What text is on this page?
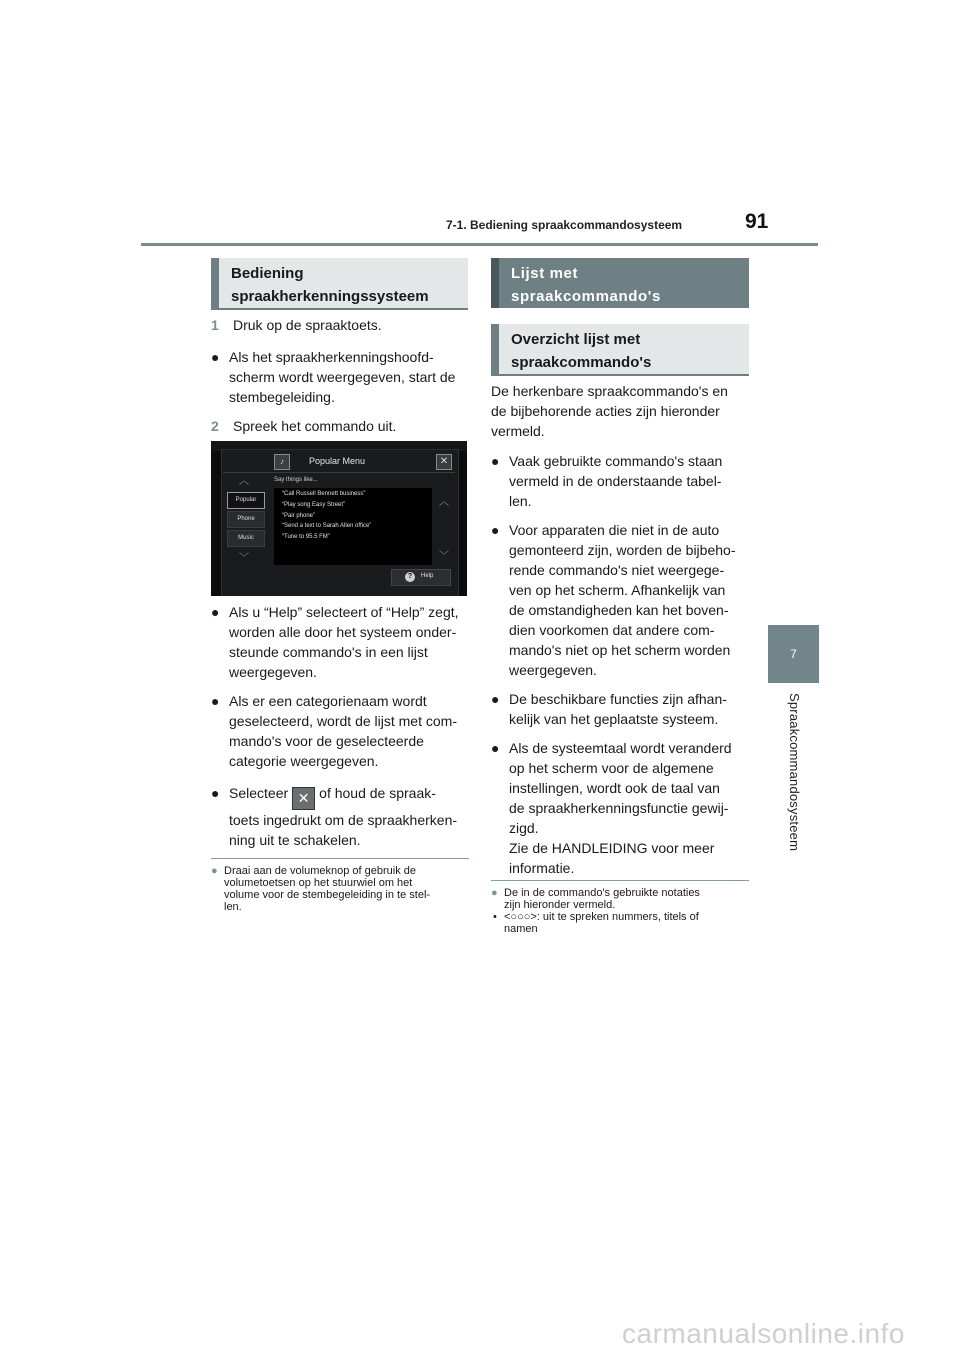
7-1. Bediening spraakcommandosysteem	91
7
Spraakcommandosysteem
Bediening
spraakherkenningssysteem
1 Druk op de spraaktoets.
● Als het spraakherkenningshoofd-
scherm wordt weergegeven, start de
stembegeleiding.
2 Spreek het commando uit.
♪	Popular Menu	✕
Say things like...
“Call Russell Bennett business”
“Play song Easy Street”
“Pair phone”
“Send a text to Sarah Allen office”
“Tune to 95.5 FM”
︿
Popular
Phone
Music
﹀
︿
﹀
?	Help
● Als u “Help” selecteert of “Help” zegt,
worden alle door het systeem onder-
steunde commando's in een lijst
weergegeven.
● Als er een categorienaam wordt
geselecteerd, wordt de lijst met com-
mando's voor de geselecteerde
categorie weergegeven.
● Selecteer ✕ of houd de spraak-
toets ingedrukt om de spraakherken-
ning uit te schakelen.
● Draai aan de volumeknop of gebruik de
volumetoetsen op het stuurwiel om het
volume voor de stembegeleiding in te stel-
len.
Lijst met
spraakcommando's
Overzicht lijst met
spraakcommando's
De herkenbare spraakcommando's en
de bijbehorende acties zijn hieronder
vermeld.
● Vaak gebruikte commando's staan
vermeld in de onderstaande tabel-
len.
● Voor apparaten die niet in de auto
gemonteerd zijn, worden de bijbeho-
rende commando's niet weergege-
ven op het scherm. Afhankelijk van
de omstandigheden kan het boven-
dien voorkomen dat andere com-
mando's niet op het scherm worden
weergegeven.
● De beschikbare functies zijn afhan-
kelijk van het geplaatste systeem.
● Als de systeemtaal wordt veranderd
op het scherm voor de algemene
instellingen, wordt ook de taal van
de spraakherkenningsfunctie gewij-
zigd.
Zie de HANDLEIDING voor meer
informatie.
● De in de commando's gebruikte notaties
zijn hieronder vermeld.
• <○○○>: uit te spreken nummers, titels of
namen
carmanualsonline.info
